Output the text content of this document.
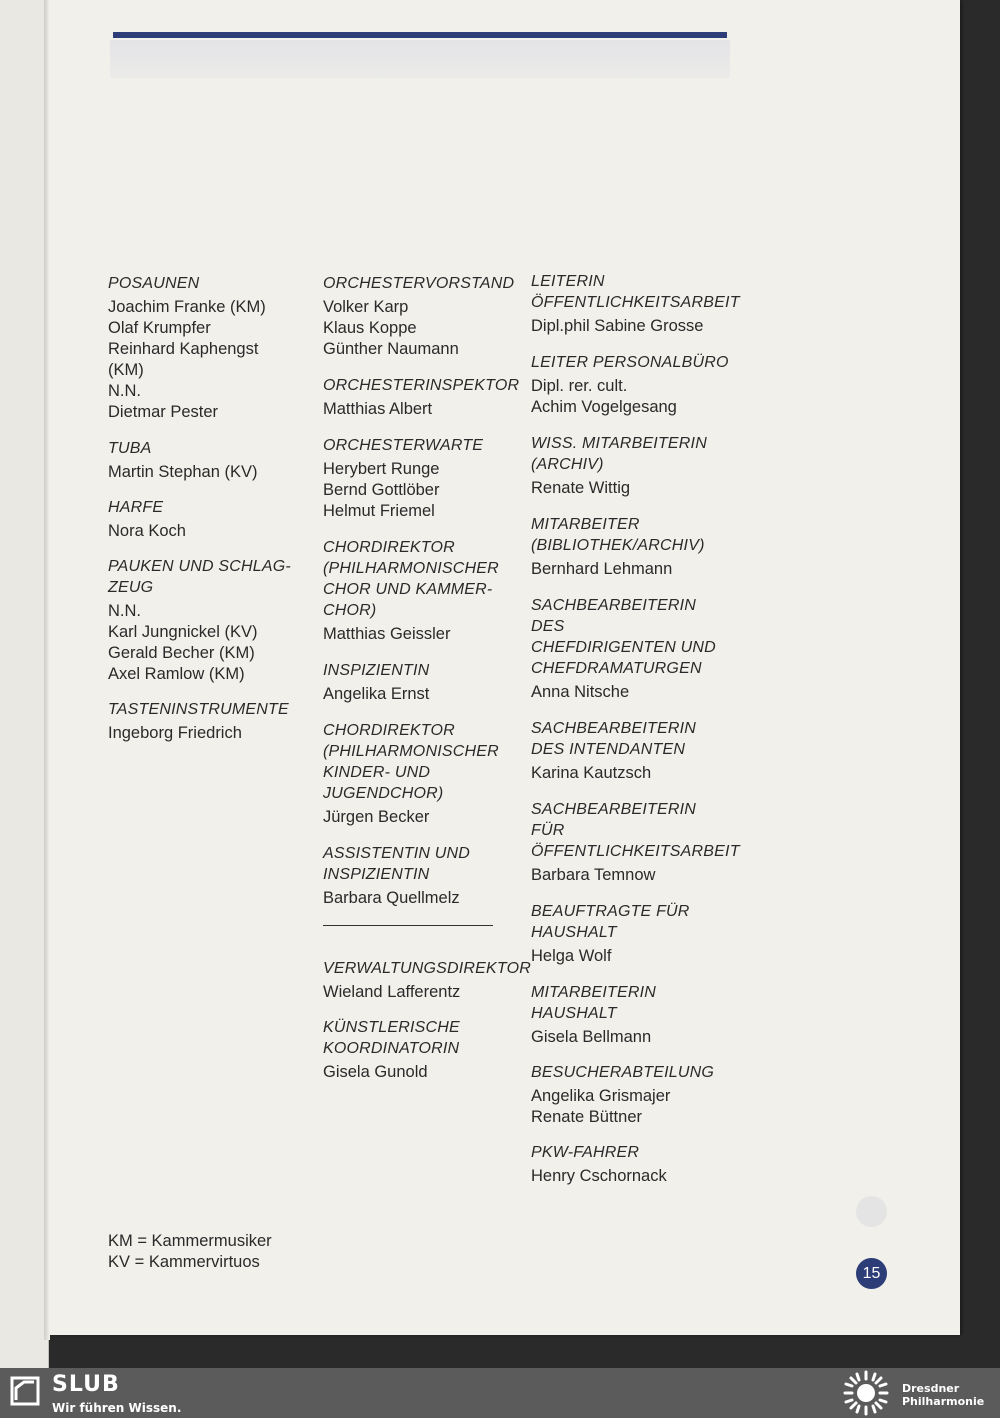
POSAUNEN
Joachim Franke (KM)
Olaf Krumpfer
Reinhard Kaphengst
(KM)
N.N.
Dietmar Pester
TUBA
Martin Stephan (KV)
HARFE
Nora Koch
PAUKEN UND SCHLAG-
ZEUG
N.N.
Karl Jungnickel (KV)
Gerald Becher (KM)
Axel Ramlow (KM)
TASTENINSTRUMENTE
Ingeborg Friedrich
ORCHESTERVORSTAND
Volker Karp
Klaus Koppe
Günther Naumann
ORCHESTERINSPEKTOR
Matthias Albert
ORCHESTERWARTE
Herybert Runge
Bernd Gottlöber
Helmut Friemel
CHORDIREKTOR
(PHILHARMONISCHER
CHOR UND KAMMER-
CHOR)
Matthias Geissler
INSPIZIENTIN
Angelika Ernst
CHORDIREKTOR
(PHILHARMONISCHER
KINDER- UND
JUGENDCHOR)
Jürgen Becker
ASSISTENTIN UND
INSPIZIENTIN
Barbara Quellmelz
VERWALTUNGSDIREKTOR
Wieland Lafferentz
KÜNSTLERISCHE
KOORDINATORIN
Gisela Gunold
LEITERIN
ÖFFENTLICHKEITSARBEIT
Dipl.phil Sabine Grosse
LEITER PERSONALBÜRO
Dipl. rer. cult.
Achim Vogelgesang
WISS. MITARBEITERIN
(ARCHIV)
Renate Wittig
MITARBEITER
(BIBLIOTHEK/ARCHIV)
Bernhard Lehmann
SACHBEARBEITERIN DES
CHEFDIRIGENTEN UND
CHEFDRAMATURGEN
Anna Nitsche
SACHBEARBEITERIN
DES INTENDANTEN
Karina Kautzsch
SACHBEARBEITERIN FÜR
ÖFFENTLICHKEITSARBEIT
Barbara Temnow
BEAUFTRAGTE FÜR
HAUSHALT
Helga Wolf
MITARBEITERIN
HAUSHALT
Gisela Bellmann
BESUCHERABTEILUNG
Angelika Grismajer
Renate Büttner
PKW-FAHRER
Henry Cschornack
KM = Kammermusiker
KV = Kammervirtuos
15
SLUB
Wir führen Wissen.
Dresdner
Philharmonie
